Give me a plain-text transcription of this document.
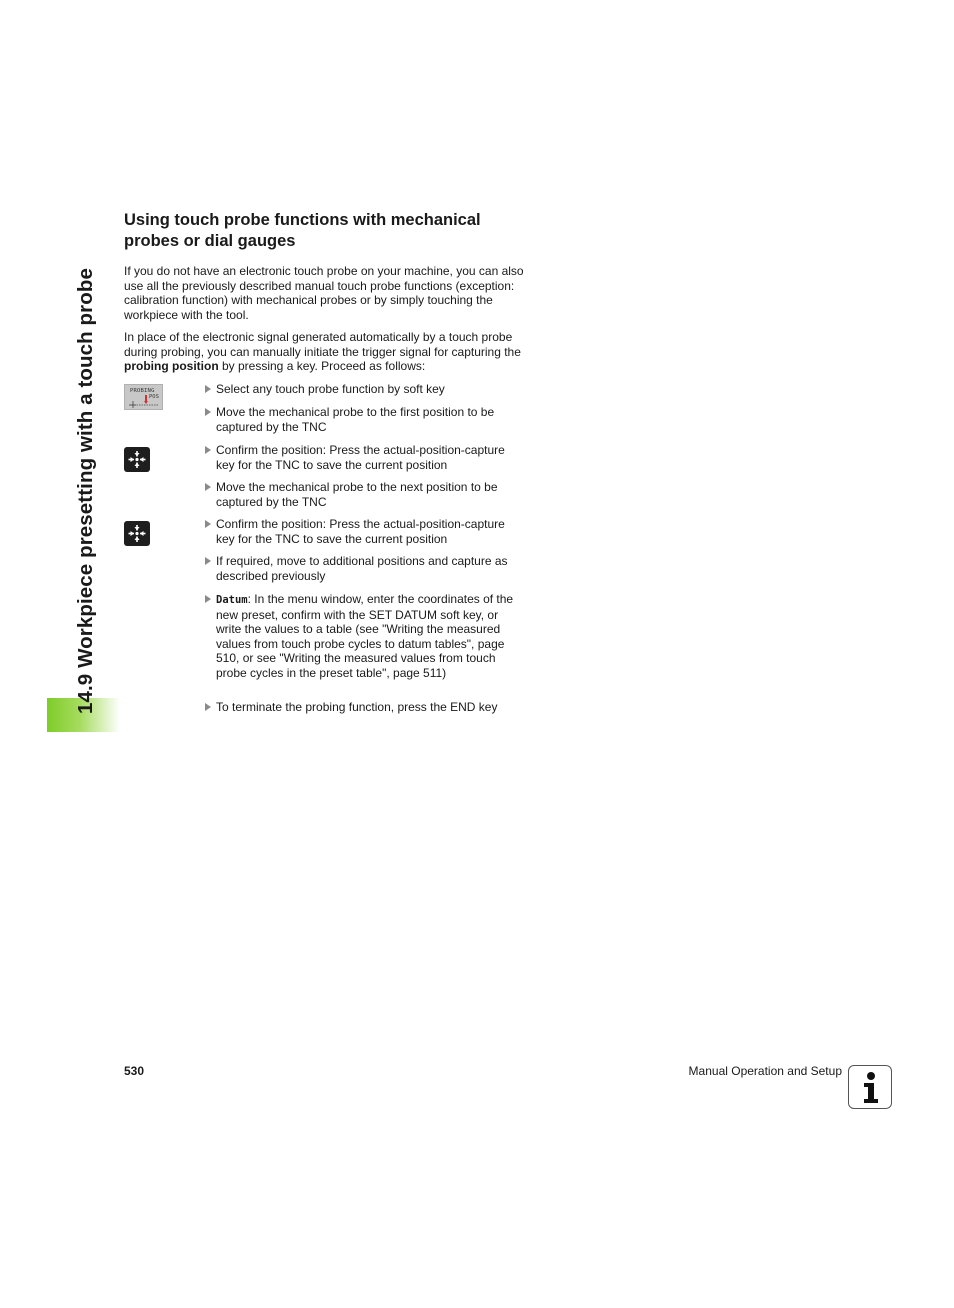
14.9 Workpiece presetting with a touch probe
Using touch probe functions with mechanical probes or dial gauges

If you do not have an electronic touch probe on your machine, you can also use all the previously described manual touch probe functions (exception: calibration function) with mechanical probes or by simply touching the workpiece with the tool.

In place of the electronic signal generated automatically by a touch probe during probing, you can manually initiate the trigger signal for capturing the probing position by pressing a key. Proceed as follows:

PROBING
POS
Select any touch probe function by soft key
Move the mechanical probe to the first position to be captured by the TNC
Confirm the position: Press the actual-position-capture key for the TNC to save the current position
Move the mechanical probe to the next position to be captured by the TNC
Confirm the position: Press the actual-position-capture key for the TNC to save the current position
If required, move to additional positions and capture as described previously
Datum: In the menu window, enter the coordinates of the new preset, confirm with the SET DATUM soft key, or write the values to a table (see "Writing the measured values from touch probe cycles to datum tables", page 510, or see "Writing the measured values from touch probe cycles in the preset table", page 511)
To terminate the probing function, press the END key
530	Manual Operation and Setup
